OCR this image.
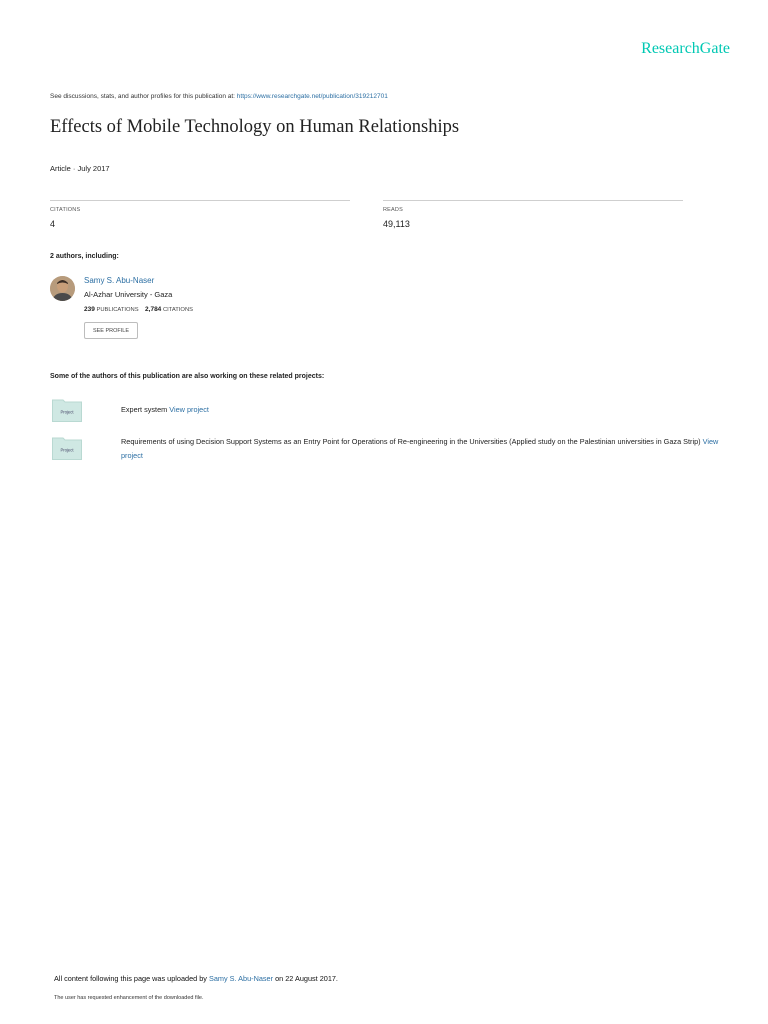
ResearchGate
See discussions, stats, and author profiles for this publication at: https://www.researchgate.net/publication/319212701
Effects of Mobile Technology on Human Relationships
Article · July 2017
CITATIONS
4
READS
49,113
2 authors, including:
Samy S. Abu-Naser
Al-Azhar University - Gaza
239 PUBLICATIONS 2,784 CITATIONS
SEE PROFILE
Some of the authors of this publication are also working on these related projects:
Project	Expert system View project
Project
Requirements of using Decision Support Systems as an Entry Point for Operations of Re-engineering in the Universities (Applied study on the Palestinian universities in Gaza Strip) View project
All content following this page was uploaded by Samy S. Abu-Naser on 22 August 2017.
The user has requested enhancement of the downloaded file.
